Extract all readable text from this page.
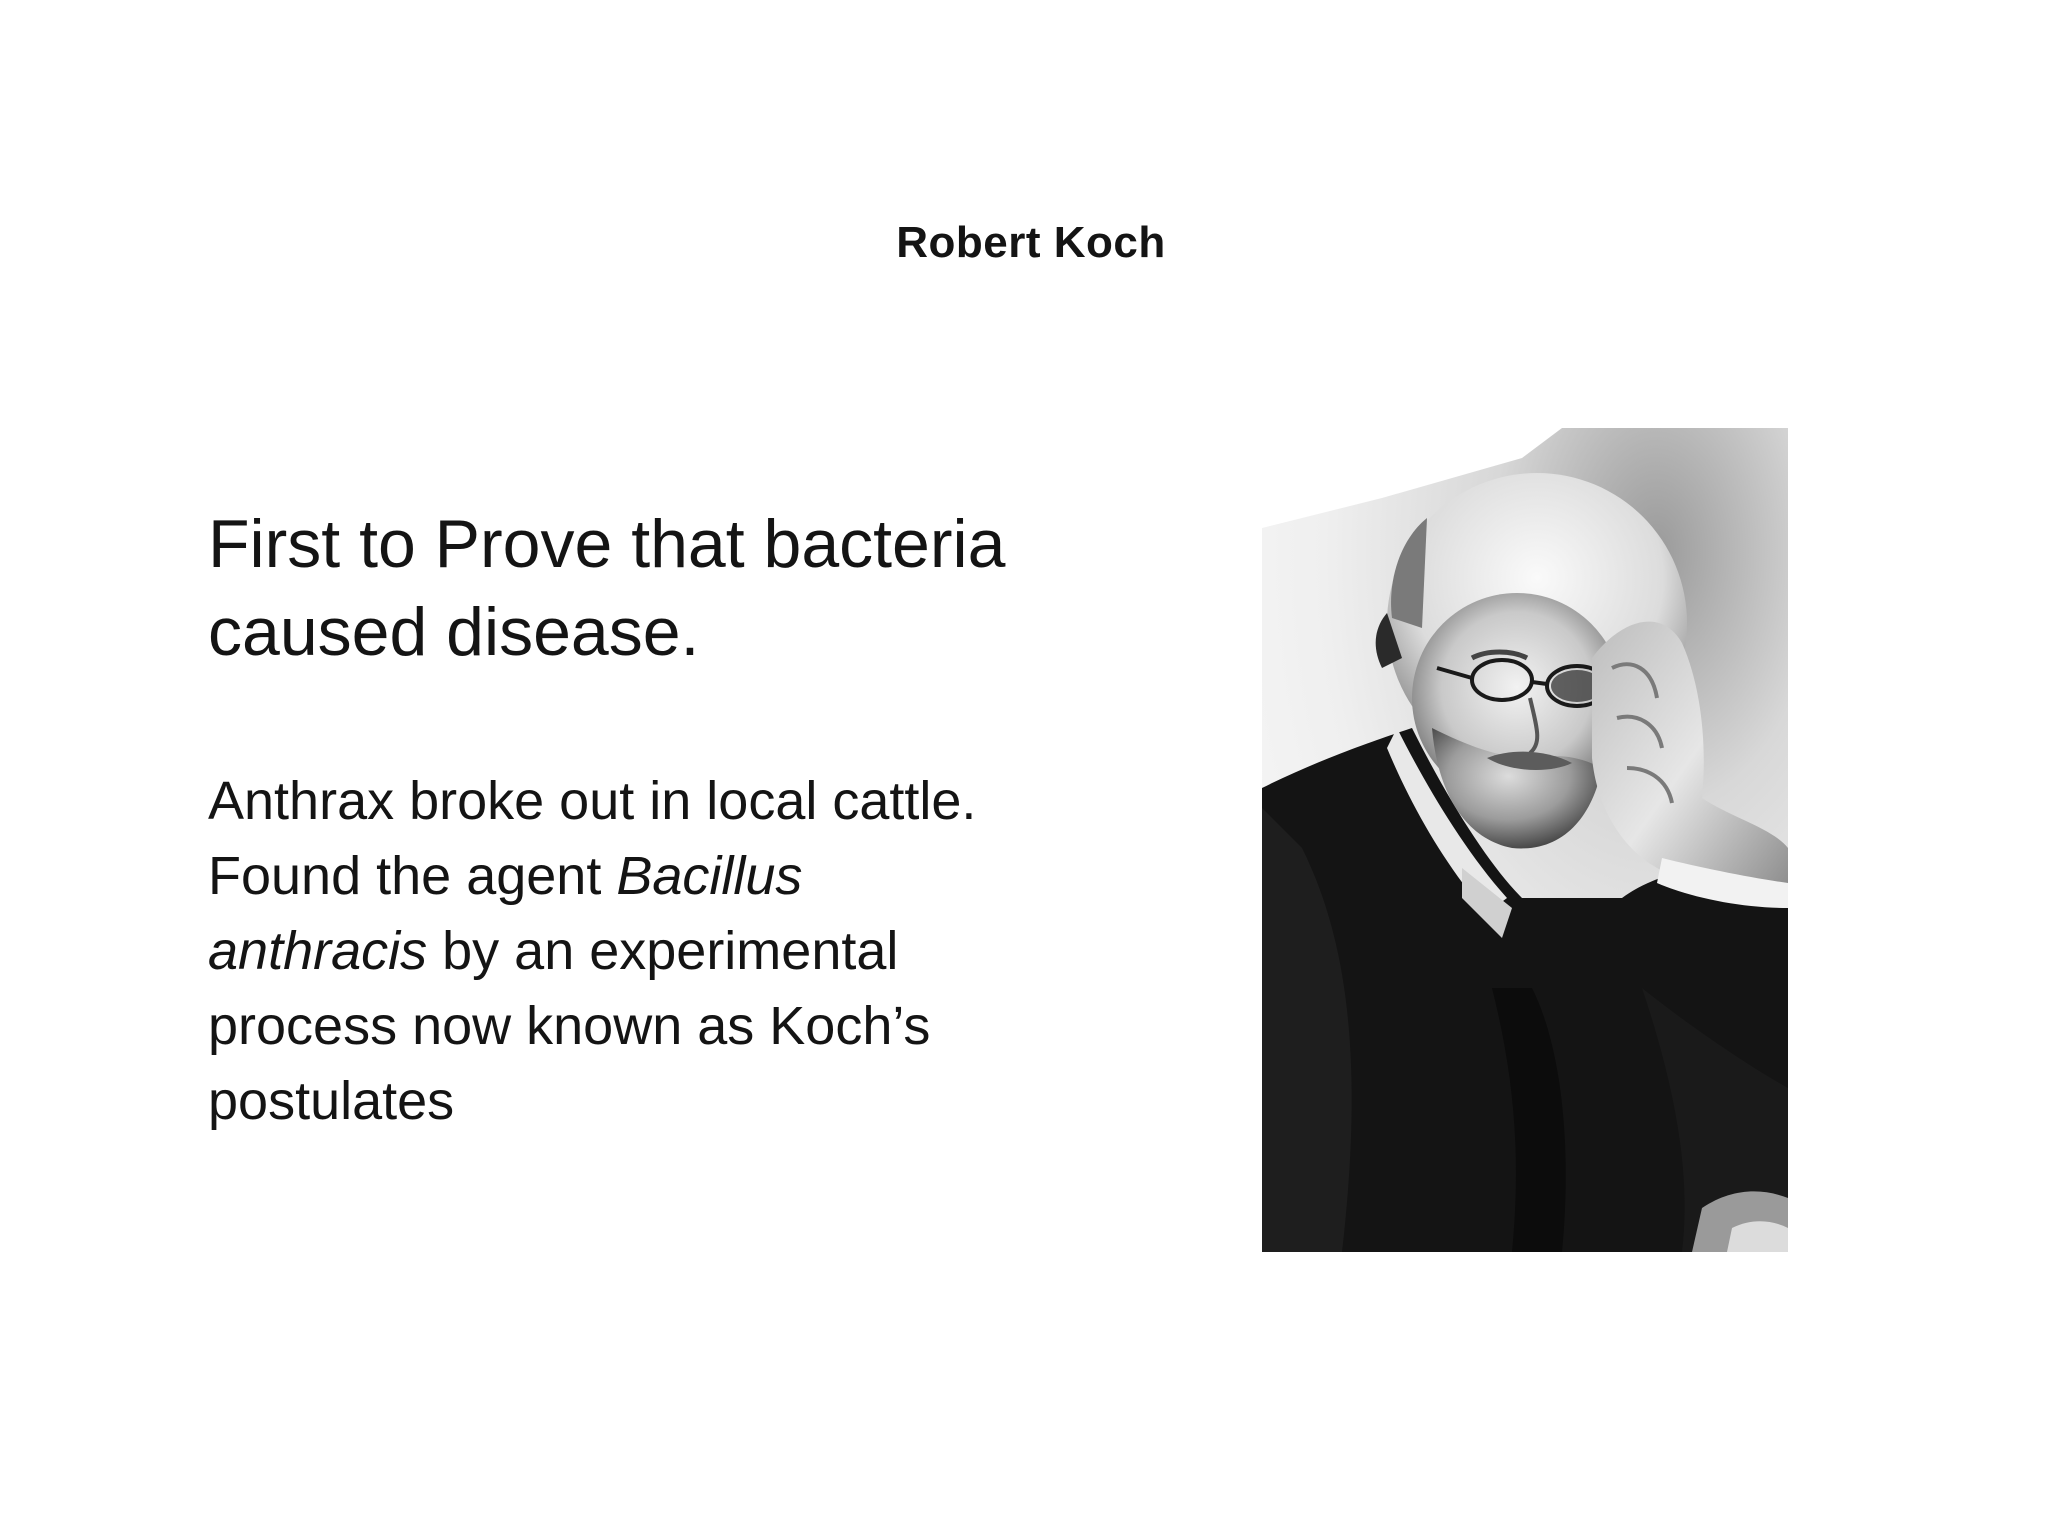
Robert Koch
First to Prove that bacteria
caused disease.
Anthrax broke out in local cattle.
Found the agent Bacillus
anthracis by an experimental
process now known as Koch’s
postulates
